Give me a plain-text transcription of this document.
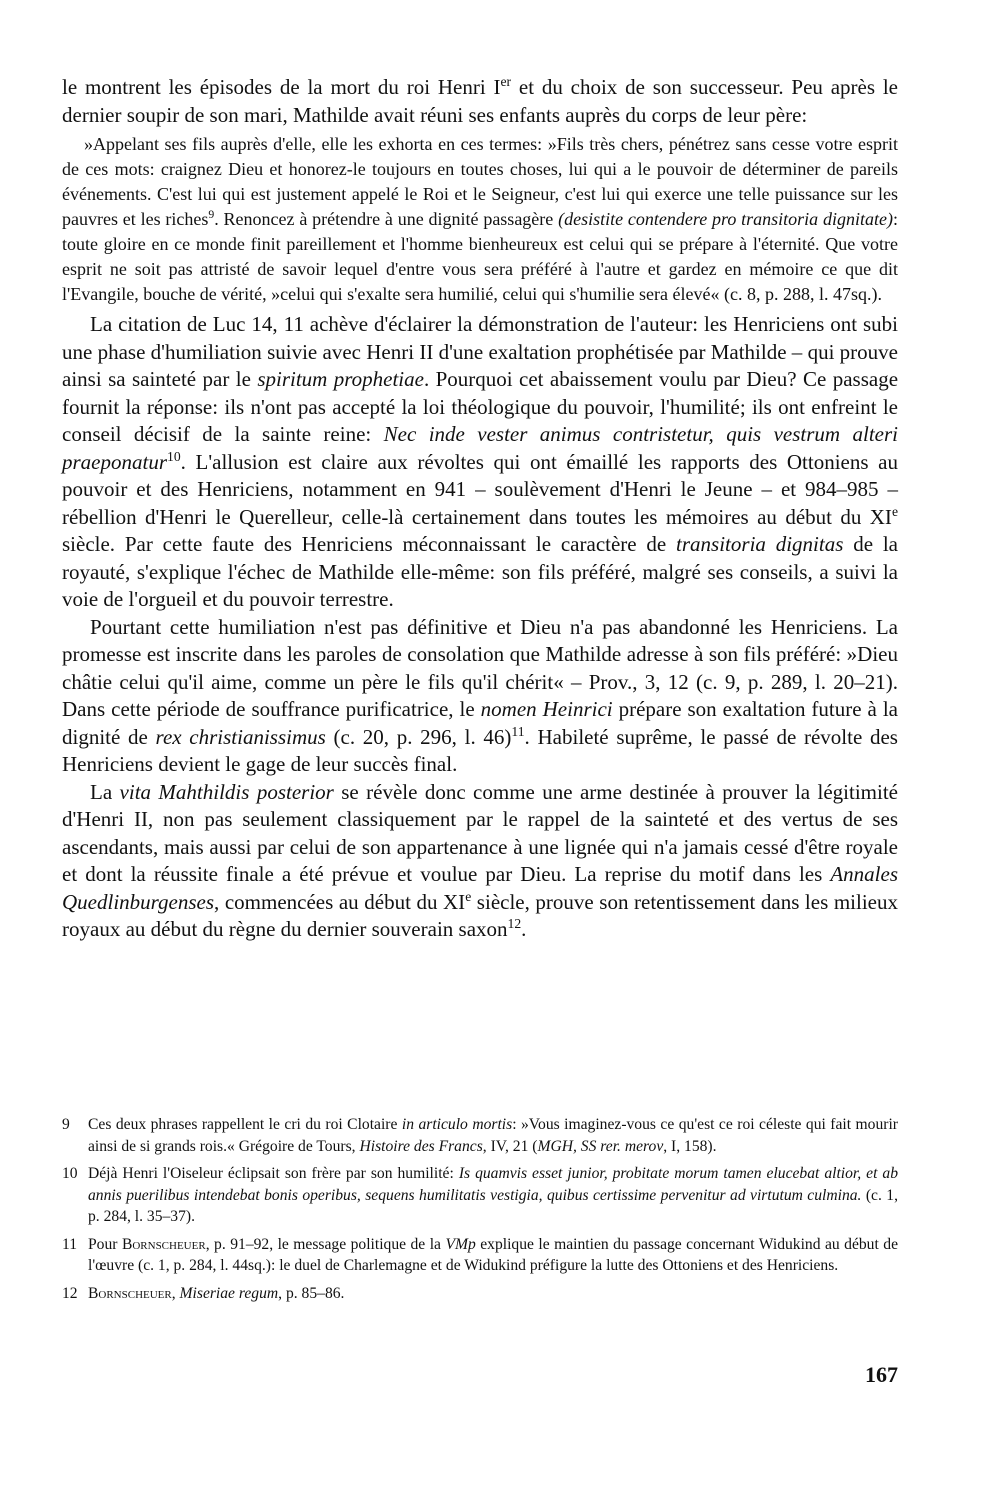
le montrent les épisodes de la mort du roi Henri Ier et du choix de son successeur. Peu après le dernier soupir de son mari, Mathilde avait réuni ses enfants auprès du corps de leur père:

»Appelant ses fils auprès d'elle, elle les exhorta en ces termes: »Fils très chers, pénétrez sans cesse votre esprit de ces mots: craignez Dieu et honorez-le toujours en toutes choses, lui qui a le pouvoir de déterminer de pareils événements. C'est lui qui est justement appelé le Roi et le Seigneur, c'est lui qui exerce une telle puissance sur les pauvres et les riches$^9$. Renoncez à prétendre à une dignité passagère (desistite contendere pro transitoria dignitate): toute gloire en ce monde finit pareillement et l'homme bienheureux est celui qui se prépare à l'éternité. Que votre esprit ne soit pas attristé de savoir lequel d'entre vous sera préféré à l'autre et gardez en mémoire ce que dit l'Evangile, bouche de vérité, »celui qui s'exalte sera humilié, celui qui s'humilie sera élevé« (c. 8, p. 288, l. 47sq.).

La citation de Luc 14, 11 achève d'éclairer la démonstration de l'auteur: les Henriciens ont subi une phase d'humiliation suivie avec Henri II d'une exaltation prophétisée par Mathilde – qui prouve ainsi sa sainteté par le spiritum prophetiae. Pourquoi cet abaissement voulu par Dieu? Ce passage fournit la réponse: ils n'ont pas accepté la loi théologique du pouvoir, l'humilité; ils ont enfreint le conseil décisif de la sainte reine: Nec inde vester animus contristetur, quis vestrum alteri praeponatur$^{10}$. L'allusion est claire aux révoltes qui ont émaillé les rapports des Ottoniens au pouvoir et des Henriciens, notamment en 941 – soulèvement d'Henri le Jeune – et 984–985 – rébellion d'Henri le Querelleur, celle-là certainement dans toutes les mémoires au début du XIe siècle. Par cette faute des Henriciens méconnaissant le caractère de transitoria dignitas de la royauté, s'explique l'échec de Mathilde elle-même: son fils préféré, malgré ses conseils, a suivi la voie de l'orgueil et du pouvoir terrestre.

Pourtant cette humiliation n'est pas définitive et Dieu n'a pas abandonné les Henriciens. La promesse est inscrite dans les paroles de consolation que Mathilde adresse à son fils préféré: »Dieu châtie celui qu'il aime, comme un père le fils qu'il chérit« – Prov., 3, 12 (c. 9, p. 289, l. 20–21). Dans cette période de souffrance purificatrice, le nomen Heinrici prépare son exaltation future à la dignité de rex christianissimus (c. 20, p. 296, l. 46)$^{11}$. Habileté suprême, le passé de révolte des Henriciens devient le gage de leur succès final.

La vita Mahthildis posterior se révèle donc comme une arme destinée à prouver la légitimité d'Henri II, non pas seulement classiquement par le rappel de la sainteté et des vertus de ses ascendants, mais aussi par celui de son appartenance à une lignée qui n'a jamais cessé d'être royale et dont la réussite finale a été prévue et voulue par Dieu. La reprise du motif dans les Annales Quedlinburgenses, commencées au début du XIe siècle, prouve son retentissement dans les milieux royaux au début du règne du dernier souverain saxon$^{12}$.

9	Ces deux phrases rappellent le cri du roi Clotaire in articulo mortis: »Vous imaginez-vous ce qu'est ce roi céleste qui fait mourir ainsi de si grands rois.« Grégoire de Tours, Histoire des Francs, IV, 21 (MGH, SS rer. merov, I, 158).
10 Déjà Henri l'Oiseleur éclipsait son frère par son humilité: Is quamvis esset junior, probitate morum tamen elucebat altior, et ab annis puerilibus intendebat bonis operibus, sequens humilitatis vestigia, quibus certissime pervenitur ad virtutum culmina. (c. 1, p. 284, l. 35–37).
11 Pour Bornscheuer, p. 91–92, le message politique de la VMp explique le maintien du passage concernant Widukind au début de l'œuvre (c. 1, p. 284, l. 44sq.): le duel de Charlemagne et de Widukind préfigure la lutte des Ottoniens et des Henriciens.
12 Bornscheuer, Miseriae regum, p. 85–86.
167
